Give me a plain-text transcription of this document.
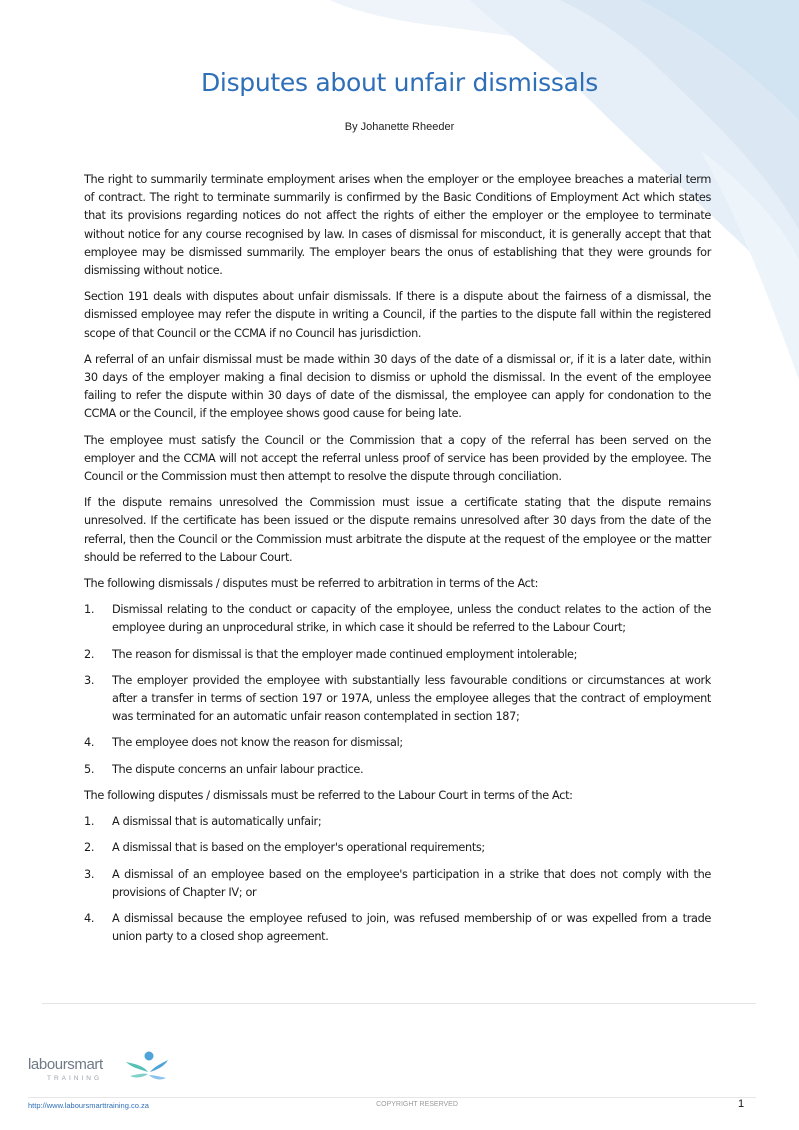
Disputes about unfair dismissals
By Johanette Rheeder

The right to summarily terminate employment arises when the employer or the employee breaches a material term of contract. The right to terminate summarily is confirmed by the Basic Conditions of Employment Act which states that its provisions regarding notices do not affect the rights of either the employer or the employee to terminate without notice for any course recognised by law. In cases of dismissal for misconduct, it is generally accept that that employee may be dismissed summarily. The employer bears the onus of establishing that they were grounds for dismissing without notice.

Section 191 deals with disputes about unfair dismissals. If there is a dispute about the fairness of a dismissal, the dismissed employee may refer the dispute in writing a Council, if the parties to the dispute fall within the registered scope of that Council or the CCMA if no Council has jurisdiction.

A referral of an unfair dismissal must be made within 30 days of the date of a dismissal or, if it is a later date, within 30 days of the employer making a final decision to dismiss or uphold the dismissal. In the event of the employee failing to refer the dispute within 30 days of date of the dismissal, the employee can apply for condonation to the CCMA or the Council, if the employee shows good cause for being late.

The employee must satisfy the Council or the Commission that a copy of the referral has been served on the employer and the CCMA will not accept the referral unless proof of service has been provided by the employee. The Council or the Commission must then attempt to resolve the dispute through conciliation.

If the dispute remains unresolved the Commission must issue a certificate stating that the dispute remains unresolved. If the certificate has been issued or the dispute remains unresolved after 30 days from the date of the referral, then the Council or the Commission must arbitrate the dispute at the request of the employee or the matter should be referred to the Labour Court.

The following dismissals / disputes must be referred to arbitration in terms of the Act:

1. Dismissal relating to the conduct or capacity of the employee, unless the conduct relates to the action of the employee during an unprocedural strike, in which case it should be referred to the Labour Court;
2. The reason for dismissal is that the employer made continued employment intolerable;
3. The employer provided the employee with substantially less favourable conditions or circumstances at work after a transfer in terms of section 197 or 197A, unless the employee alleges that the contract of employment was terminated for an automatic unfair reason contemplated in section 187;
4. The employee does not know the reason for dismissal;
5. The dispute concerns an unfair labour practice.

The following disputes / dismissals must be referred to the Labour Court in terms of the Act:

1. A dismissal that is automatically unfair;
2. A dismissal that is based on the employer's operational requirements;
3. A dismissal of an employee based on the employee's participation in a strike that does not comply with the provisions of Chapter IV; or
4. A dismissal because the employee refused to join, was refused membership of or was expelled from a trade union party to a closed shop agreement.
laboursmart
TRAINING
http://www.laboursmarttraining.co.za	COPYRIGHT RESERVED	1
